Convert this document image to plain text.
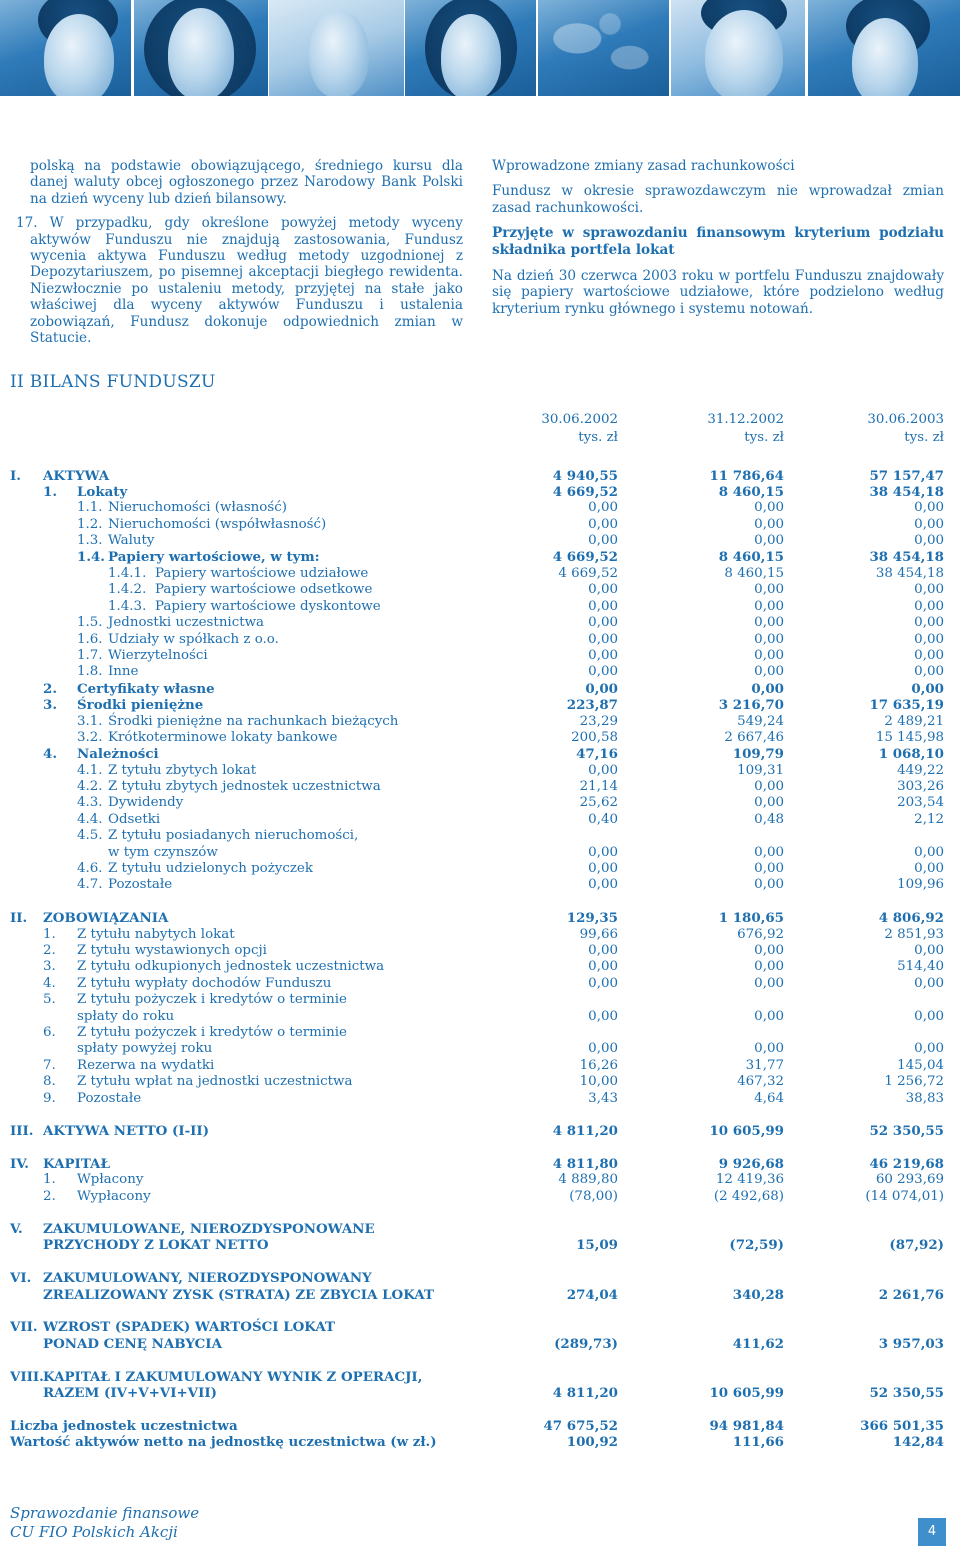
polską na podstawie obowiązującego, średniego kursu dla danej waluty obcej ogłoszonego przez Narodowy Bank Polski na dzień wyceny lub dzień bilansowy.

17. W przypadku, gdy określone powyżej metody wyceny aktywów Funduszu nie znajdują zastosowania, Fundusz wycenia aktywa Funduszu według metody uzgodnionej z Depozytariuszem, po pisemnej akceptacji biegłego rewidenta. Niezwłocznie po ustaleniu metody, przyjętej na stałe jako właściwej dla wyceny aktywów Funduszu i ustalenia zobowiązań, Fundusz dokonuje odpowiednich zmian w Statucie.

Wprowadzone zmiany zasad rachunkowości

Fundusz w okresie sprawozdawczym nie wprowadzał zmian zasad rachunkowości.

Przyjęte w sprawozdaniu finansowym kryterium podziału składnika portfela lokat

Na dzień 30 czerwca 2003 roku w portfelu Funduszu znajdowały się papiery wartościowe udziałowe, które podzielono według kryterium rynku głównego i systemu notowań.

II BILANS FUNDUSZU
30.06.2002
tys. zł
31.12.2002
tys. zł
30.06.2003
tys. zł
I. AKTYWA	4 940,55	11 786,64	57 157,47
1. Lokaty	4 669,52	8 460,15	38 454,18
1.1. Nieruchomości (własność)	0,00	0,00	0,00
1.2. Nieruchomości (współwłasność)	0,00	0,00	0,00
1.3. Waluty	0,00	0,00	0,00
1.4. Papiery wartościowe, w tym:	4 669,52	8 460,15	38 454,18
1.4.1. Papiery wartościowe udziałowe	4 669,52	8 460,15	38 454,18
1.4.2. Papiery wartościowe odsetkowe	0,00	0,00	0,00
1.4.3. Papiery wartościowe dyskontowe	0,00	0,00	0,00
1.5. Jednostki uczestnictwa	0,00	0,00	0,00
1.6. Udziały w spółkach z o.o.	0,00	0,00	0,00
1.7. Wierzytelności	0,00	0,00	0,00
1.8. Inne	0,00	0,00	0,00
2. Certyfikaty własne	0,00	0,00	0,00
3. Środki pieniężne	223,87	3 216,70	17 635,19
3.1. Środki pieniężne na rachunkach bieżących	23,29	549,24	2 489,21
3.2. Krótkoterminowe lokaty bankowe	200,58	2 667,46	15 145,98
4. Należności	47,16	109,79	1 068,10
4.1. Z tytułu zbytych lokat	0,00	109,31	449,22
4.2. Z tytułu zbytych jednostek uczestnictwa	21,14	0,00	303,26
4.3. Dywidendy	25,62	0,00	203,54
4.4. Odsetki	0,40	0,48	2,12
4.5. Z tytułu posiadanych nieruchomości,
w tym czynszów	0,00	0,00	0,00
4.6. Z tytułu udzielonych pożyczek	0,00	0,00	0,00
4.7. Pozostałe	0,00	0,00	109,96
II. ZOBOWIĄZANIA	129,35	1 180,65	4 806,92
1. Z tytułu nabytych lokat	99,66	676,92	2 851,93
2. Z tytułu wystawionych opcji	0,00	0,00	0,00
3. Z tytułu odkupionych jednostek uczestnictwa	0,00	0,00	514,40
4. Z tytułu wypłaty dochodów Funduszu	0,00	0,00	0,00
5. Z tytułu pożyczek i kredytów o terminie
spłaty do roku	0,00	0,00	0,00
6. Z tytułu pożyczek i kredytów o terminie
spłaty powyżej roku	0,00	0,00	0,00
7. Rezerwa na wydatki	16,26	31,77	145,04
8. Z tytułu wpłat na jednostki uczestnictwa	10,00	467,32	1 256,72
9. Pozostałe	3,43	4,64	38,83
III. AKTYWA NETTO (I-II)	4 811,20	10 605,99	52 350,55
IV. KAPITAŁ	4 811,80	9 926,68	46 219,68
1. Wpłacony	4 889,80	12 419,36	60 293,69
2. Wypłacony	(78,00)	(2 492,68)	(14 074,01)
V. ZAKUMULOWANE, NIEROZDYSPONOWANE
PRZYCHODY Z LOKAT NETTO	15,09	(72,59)	(87,92)
VI. ZAKUMULOWANY, NIEROZDYSPONOWANY
ZREALIZOWANY ZYSK (STRATA) ZE ZBYCIA LOKAT	274,04	340,28	2 261,76
VII. WZROST (SPADEK) WARTOŚCI LOKAT
PONAD CENĘ NABYCIA	(289,73)	411,62	3 957,03
VIII. KAPITAŁ I ZAKUMULOWANY WYNIK Z OPERACJI,
RAZEM (IV+V+VI+VII)	4 811,20	10 605,99	52 350,55
Liczba jednostek uczestnictwa	47 675,52	94 981,84	366 501,35
Wartość aktywów netto na jednostkę uczestnictwa (w zł.)	100,92	111,66	142,84
Sprawozdanie finansowe
CU FIO Polskich Akcji	4
